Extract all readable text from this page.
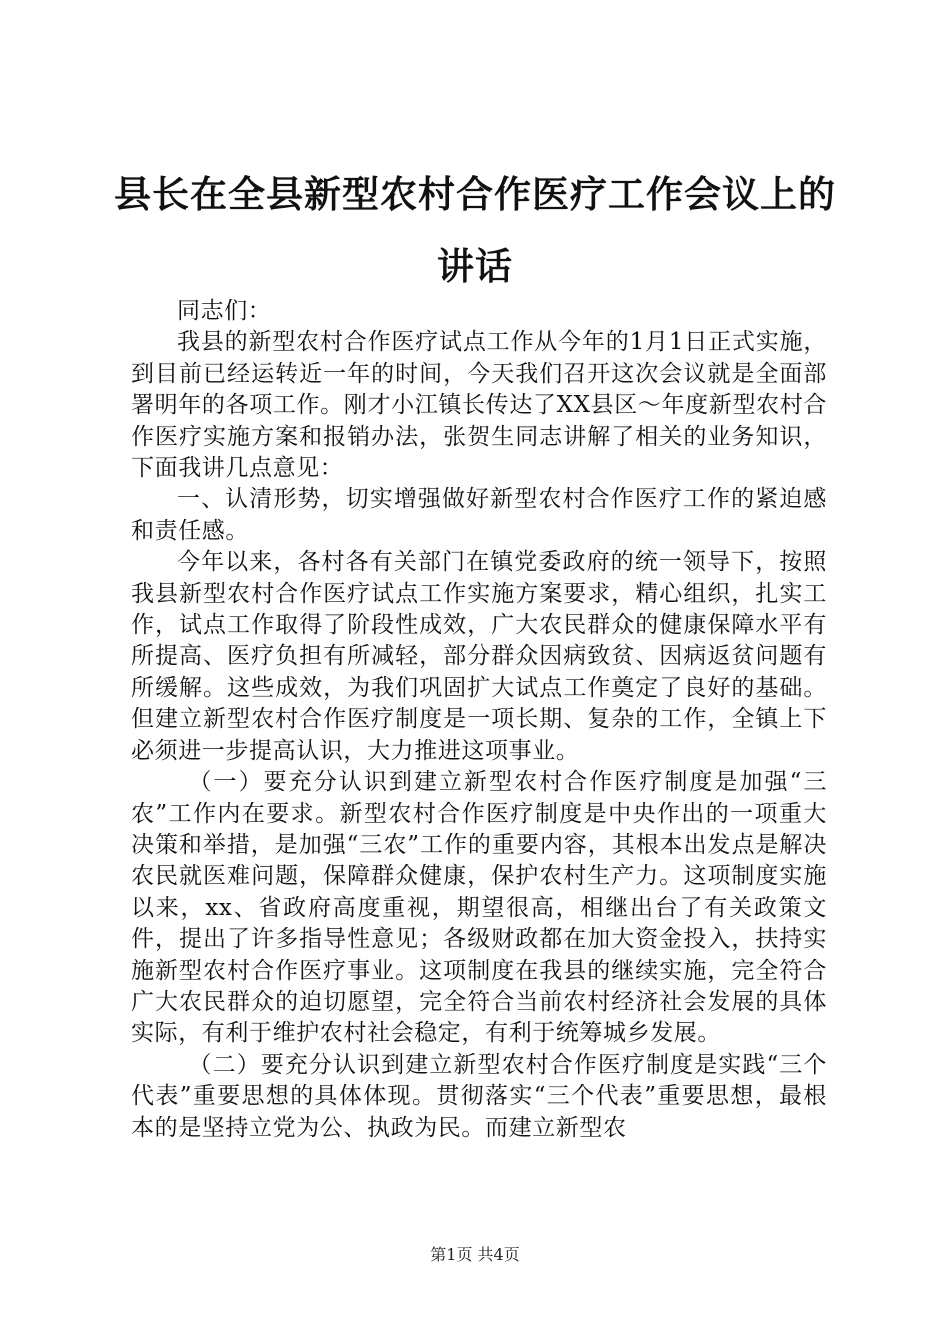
县长在全县新型农村合作医疗工作会议上的讲话

同志们：

我县的新型农村合作医疗试点工作从今年的1月1日正式实施，到目前已经运转近一年的时间，今天我们召开这次会议就是全面部署明年的各项工作。刚才小江镇长传达了XX县区～年度新型农村合作医疗实施方案和报销办法，张贺生同志讲解了相关的业务知识，下面我讲几点意见：

一、认清形势，切实增强做好新型农村合作医疗工作的紧迫感和责任感。

今年以来，各村各有关部门在镇党委政府的统一领导下，按照我县新型农村合作医疗试点工作实施方案要求，精心组织，扎实工作，试点工作取得了阶段性成效，广大农民群众的健康保障水平有所提高、医疗负担有所减轻，部分群众因病致贫、因病返贫问题有所缓解。这些成效，为我们巩固扩大试点工作奠定了良好的基础。但建立新型农村合作医疗制度是一项长期、复杂的工作，全镇上下必须进一步提高认识，大力推进这项事业。

（一）要充分认识到建立新型农村合作医疗制度是加强“三农”工作内在要求。新型农村合作医疗制度是中央作出的一项重大决策和举措，是加强“三农”工作的重要内容，其根本出发点是解决农民就医难问题，保障群众健康，保护农村生产力。这项制度实施以来，xx、省政府高度重视，期望很高，相继出台了有关政策文件，提出了许多指导性意见；各级财政都在加大资金投入，扶持实施新型农村合作医疗事业。这项制度在我县的继续实施，完全符合广大农民群众的迫切愿望，完全符合当前农村经济社会发展的具体实际，有利于维护农村社会稳定，有利于统筹城乡发展。

（二）要充分认识到建立新型农村合作医疗制度是实践“三个代表”重要思想的具体体现。贯彻落实“三个代表”重要思想，最根本的是坚持立党为公、执政为民。而建立新型农

第1页 共4页
